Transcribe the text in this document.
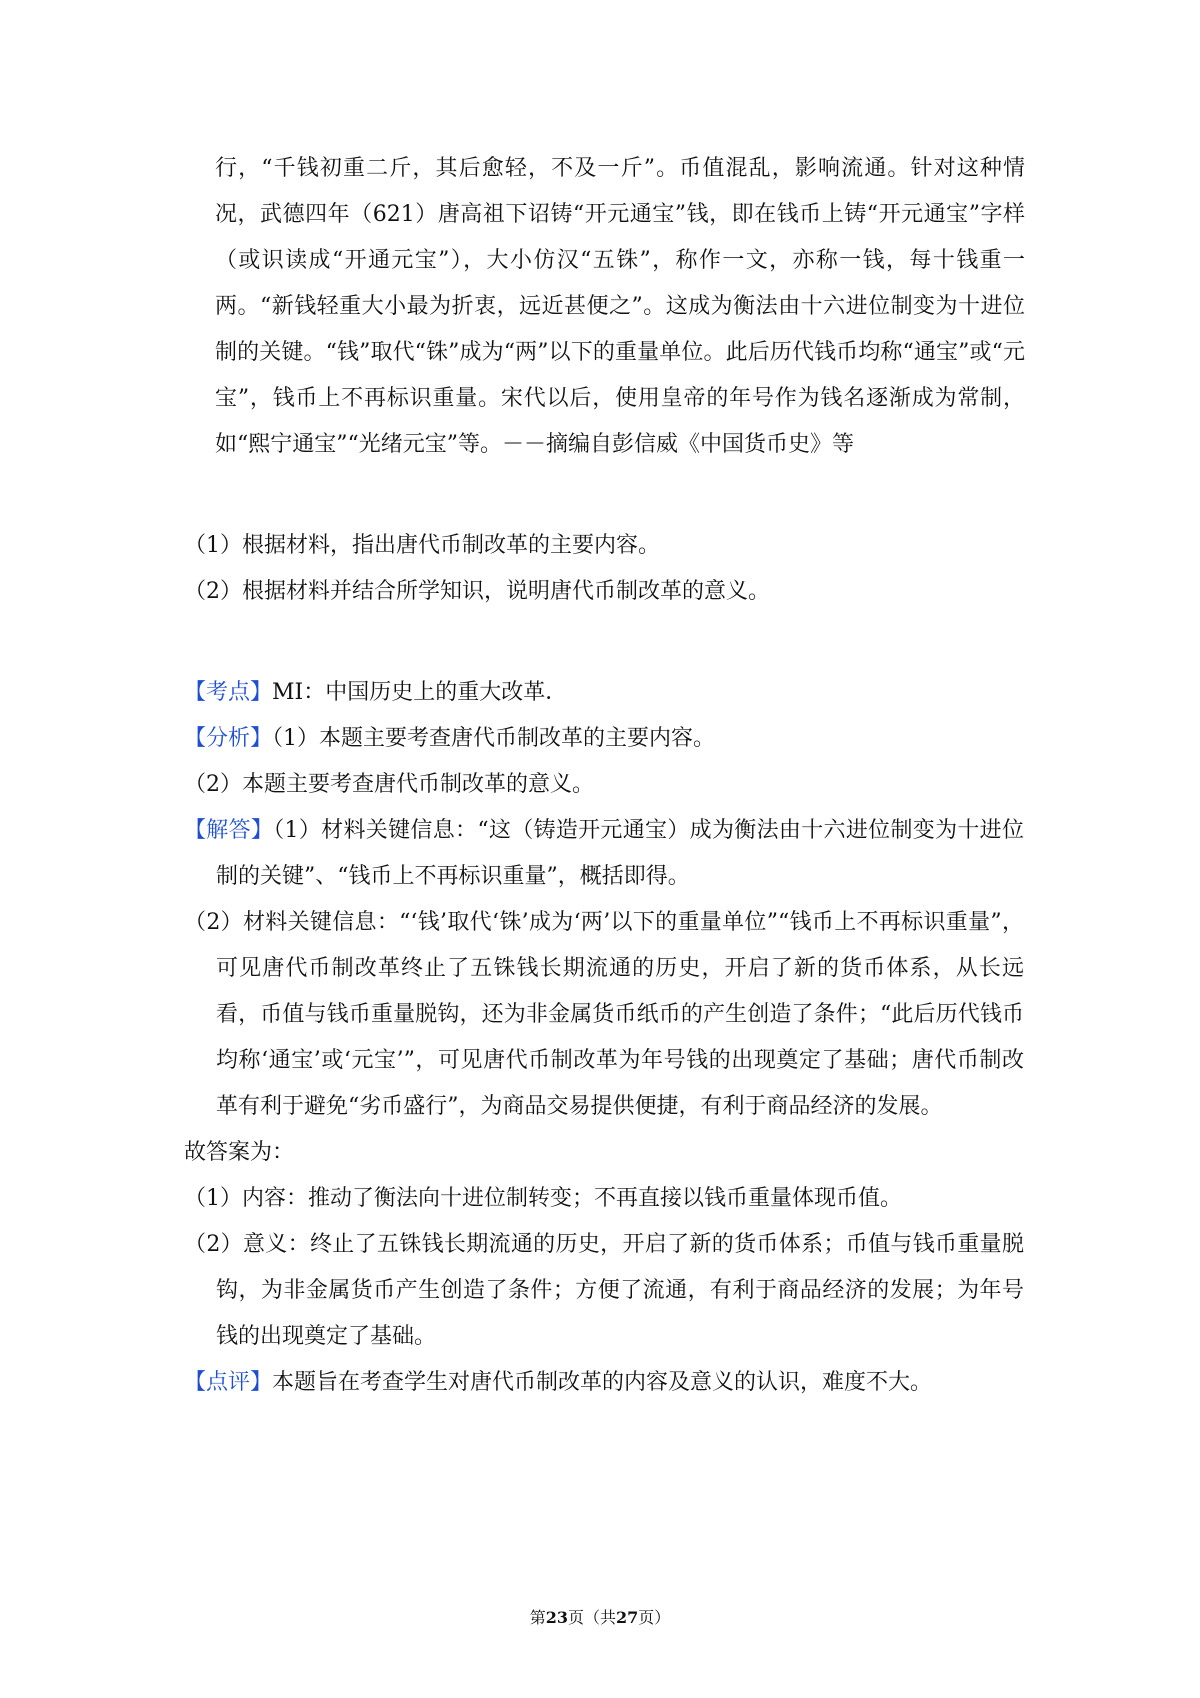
行，“千钱初重二斤，其后愈轻，不及一斤”。币值混乱，影响流通。针对这种情况，武德四年（621）唐高祖下诏铸“开元通宝”钱，即在钱币上铸“开元通宝”字样（或识读成“开通元宝”），大小仿汉“五铢”，称作一文，亦称一钱，每十钱重一两。“新钱轻重大小最为折衷，远近甚便之”。这成为衡法由十六进位制变为十进位制的关键。“钱”取代“铢”成为“两”以下的重量单位。此后历代钱币均称“通宝”或“元宝”，钱币上不再标识重量。宋代以后，使用皇帝的年号作为钱名逐渐成为常制，如“熙宁通宝”“光绪元宝”等。－－摘编自彭信威《中国货币史》等

（1）根据材料，指出唐代币制改革的主要内容。

（2）根据材料并结合所学知识，说明唐代币制改革的意义。

【考点】MI：中国历史上的重大改革．

【分析】（1）本题主要考查唐代币制改革的主要内容。

（2）本题主要考查唐代币制改革的意义。

【解答】（1）材料关键信息：“这（铸造开元通宝）成为衡法由十六进位制变为十进位制的关键”、“钱币上不再标识重量”，概括即得。

（2）材料关键信息：“‘钱’取代‘铢’成为‘两’以下的重量单位”“钱币上不再标识重量”，可见唐代币制改革终止了五铢钱长期流通的历史，开启了新的货币体系，从长远看，币值与钱币重量脱钩，还为非金属货币纸币的产生创造了条件；“此后历代钱币均称‘通宝’或‘元宝’”，可见唐代币制改革为年号钱的出现奠定了基础；唐代币制改革有利于避免“劣币盛行”，为商品交易提供便捷，有利于商品经济的发展。

故答案为：

（1）内容：推动了衡法向十进位制转变；不再直接以钱币重量体现币值。

（2）意义：终止了五铢钱长期流通的历史，开启了新的货币体系；币值与钱币重量脱钩，为非金属货币产生创造了条件；方便了流通，有利于商品经济的发展；为年号钱的出现奠定了基础。

【点评】本题旨在考查学生对唐代币制改革的内容及意义的认识，难度不大。

第23页（共27页）
